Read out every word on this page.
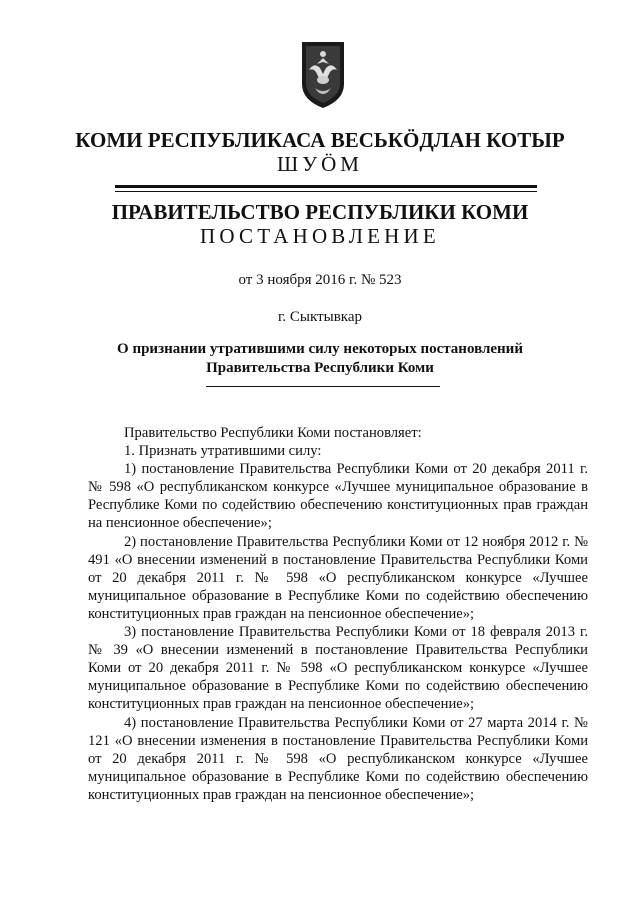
КОМИ РЕСПУБЛИКАСА ВЕСЬКӦДЛАН КОТЫР
ШУӦМ
ПРАВИТЕЛЬСТВО РЕСПУБЛИКИ КОМИ
ПОСТАНОВЛЕНИЕ
от 3 ноября 2016 г. № 523
г. Сыктывкар
О признании утратившими силу некоторых постановлений
Правительства Республики Коми

Правительство Республики Коми постановляет:

1. Признать утратившими силу:

1) постановление Правительства Республики Коми от 20 декабря 2011 г. № 598 «О республиканском конкурсе «Лучшее муниципальное образование в Республике Коми по содействию обеспечению конституционных прав граждан на пенсионное обеспечение»;

2) постановление Правительства Республики Коми от 12 ноября 2012 г. № 491 «О внесении изменений в постановление Правительства Республики Коми от 20 декабря 2011 г. № 598 «О республиканском конкурсе «Лучшее муниципальное образование в Республике Коми по содействию обеспечению конституционных прав граждан на пенсионное обеспечение»;

3) постановление Правительства Республики Коми от 18 февраля 2013 г. № 39 «О внесении изменений в постановление Правительства Республики Коми от 20 декабря 2011 г. № 598 «О республиканском конкурсе «Лучшее муниципальное образование в Республике Коми по содействию обеспечению конституционных прав граждан на пенсионное обеспечение»;

4) постановление Правительства Республики Коми от 27 марта 2014 г. № 121 «О внесении изменения в постановление Правительства Республики Коми от 20 декабря 2011 г. № 598 «О республиканском конкурсе «Лучшее муниципальное образование в Республике Коми по содействию обеспечению конституционных прав граждан на пенсионное обеспечение»;
